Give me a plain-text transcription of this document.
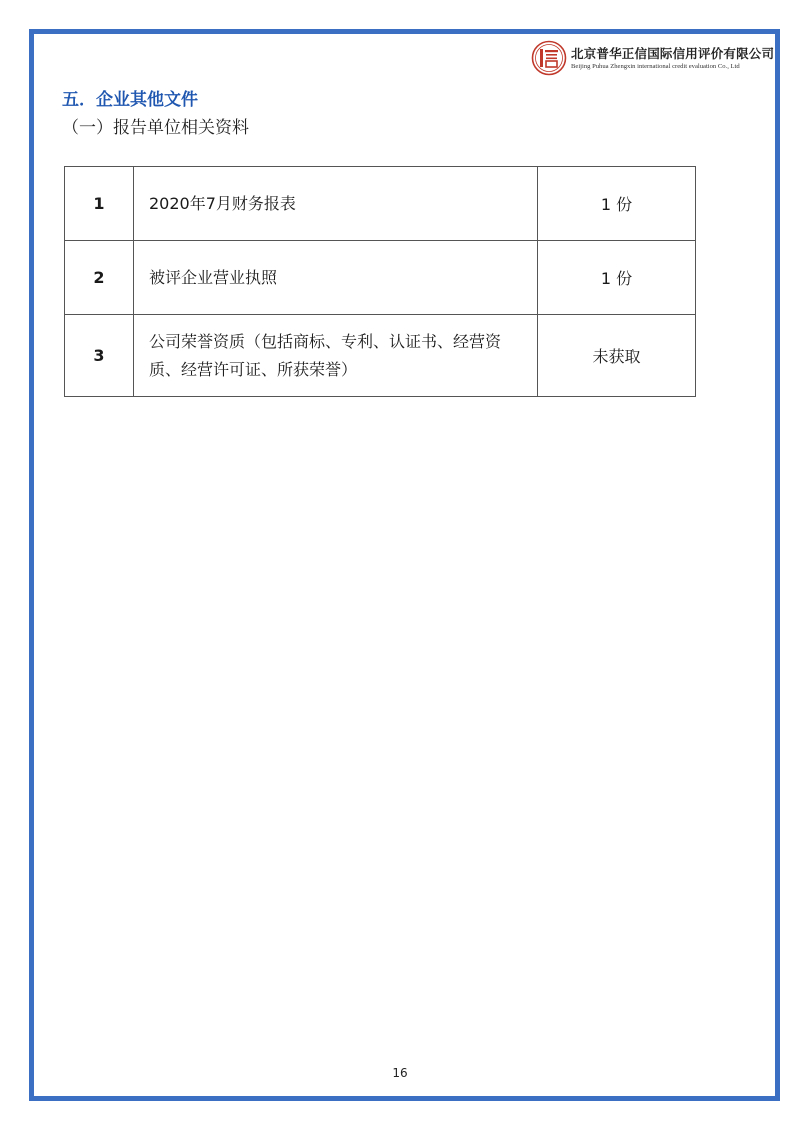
北京普华正信国际信用评价有限公司
Beijing Puhua Zhengxin international credit evaluation Co., Ltd
五．企业其他文件
（一）报告单位相关资料
1	2020年7月财务报表	1 份
2	被评企业营业执照	1 份
3	公司荣誉资质（包括商标、专利、认证书、经营资质、经营许可证、所获荣誉）	未获取
16
